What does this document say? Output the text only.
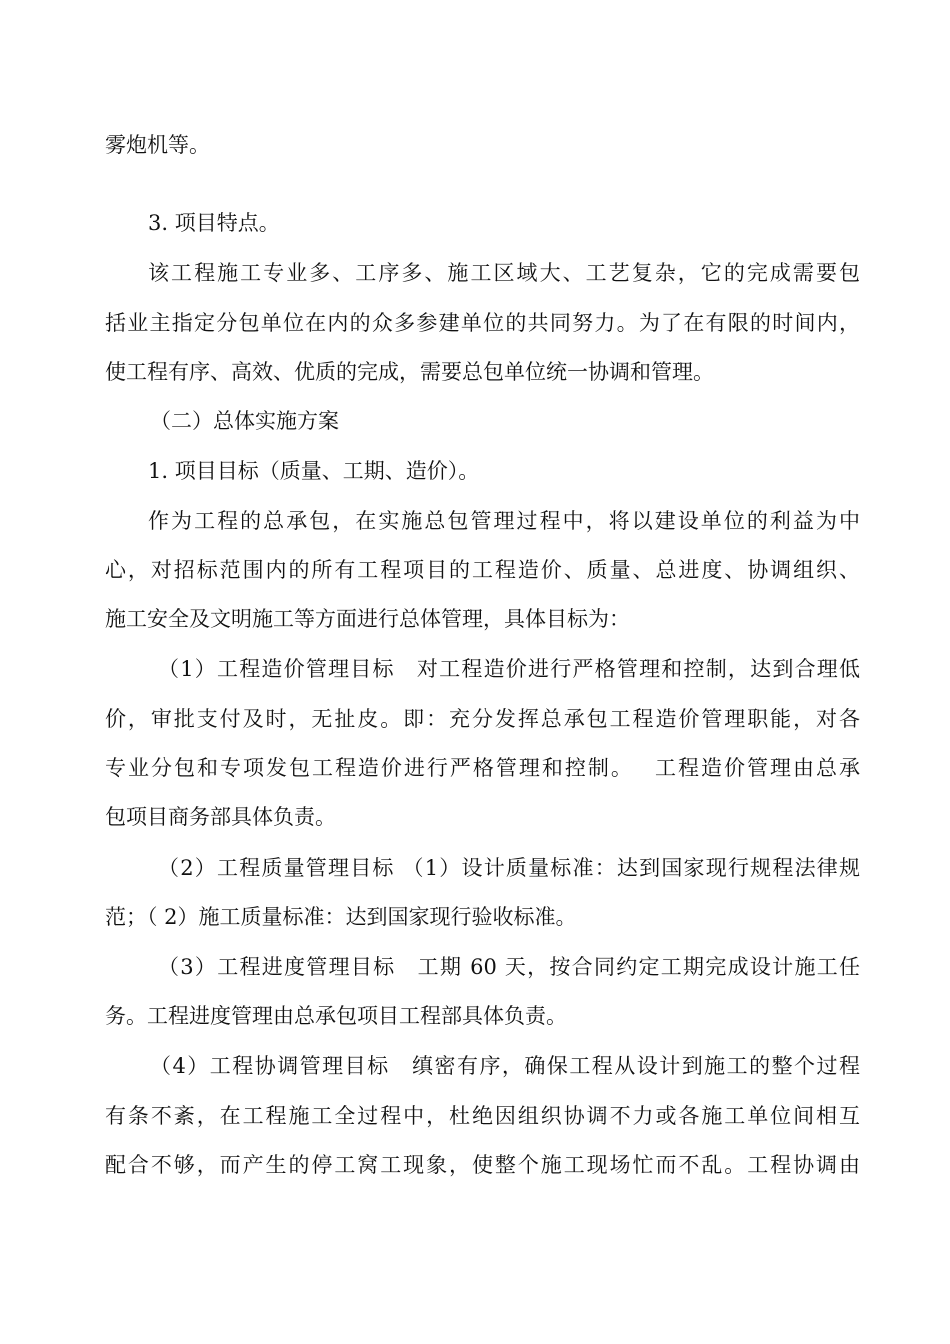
雾炮机等。
3. 项目特点。
该工程施工专业多、工序多、施工区域大、工艺复杂，它的完成需要包
括业主指定分包单位在内的众多参建单位的共同努力。为了在有限的时间内，
使工程有序、高效、优质的完成，需要总包单位统一协调和管理。
（二）总体实施方案
1. 项目目标（质量、工期、造价）。
作为工程的总承包，在实施总包管理过程中，将以建设单位的利益为中
心，对招标范围内的所有工程项目的工程造价、质量、总进度、协调组织、
施工安全及文明施工等方面进行总体管理，具体目标为：
（1）工程造价管理目标　对工程造价进行严格管理和控制，达到合理低
价，审批支付及时，无扯皮。即：充分发挥总承包工程造价管理职能，对各
专业分包和专项发包工程造价进行严格管理和控制。　 工程造价管理由总承
包项目商务部具体负责。
（2）工程质量管理目标 （1）设计质量标准：达到国家现行规程法律规
范；（ 2）施工质量标准：达到国家现行验收标准。
（3）工程进度管理目标　工期 60 天，按合同约定工期完成设计施工任
务。工程进度管理由总承包项目工程部具体负责。
（4）工程协调管理目标　缜密有序，确保工程从设计到施工的整个过程
有条不紊，在工程施工全过程中，杜绝因组织协调不力或各施工单位间相互
配合不够，而产生的停工窝工现象，使整个施工现场忙而不乱。工程协调由
